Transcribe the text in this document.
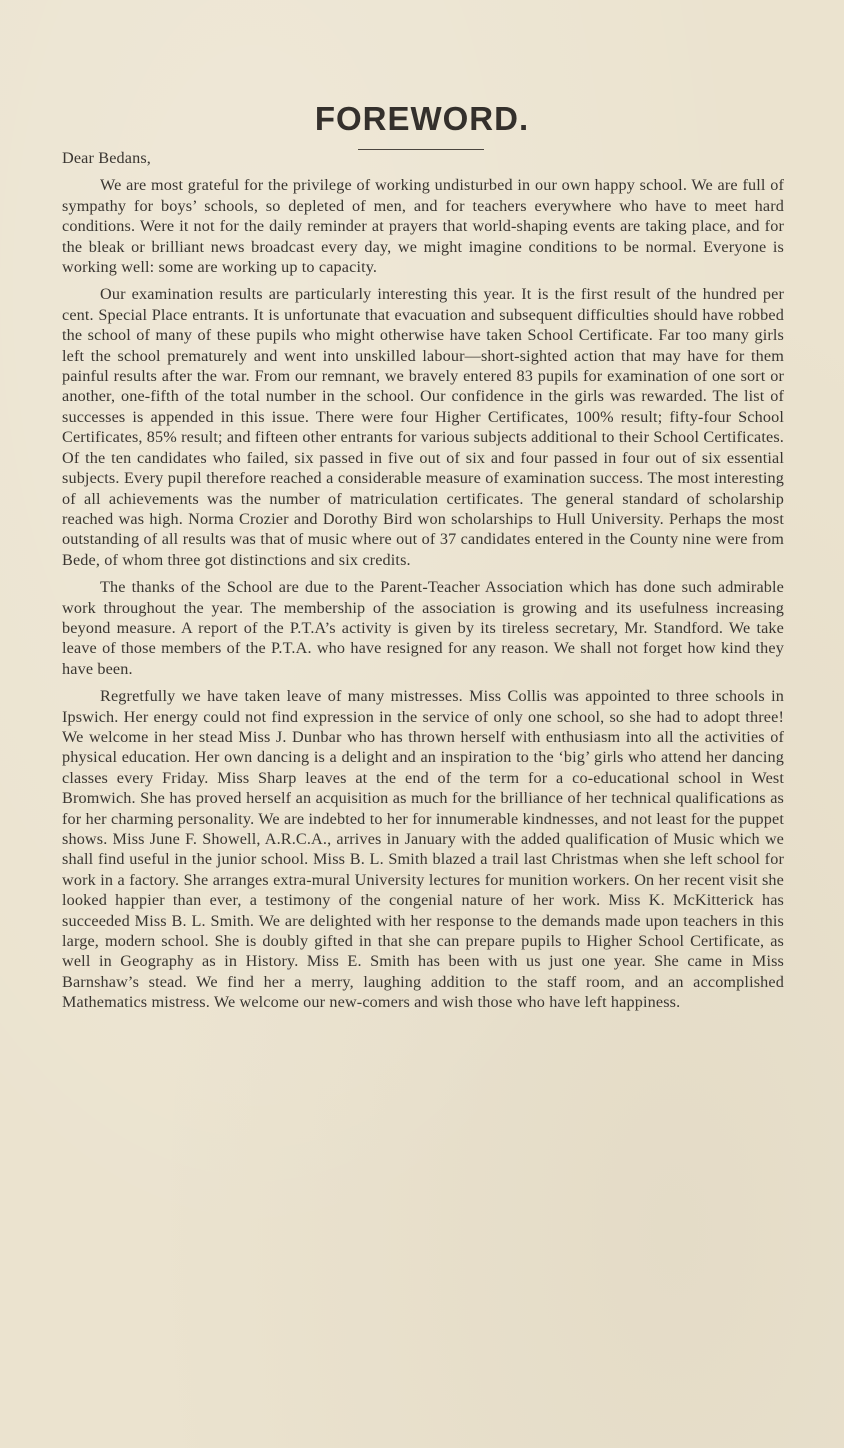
FOREWORD.

Dear Bedans,

We are most grateful for the privilege of working undisturbed in our own happy school. We are full of sympathy for boys’ schools, so depleted of men, and for teachers everywhere who have to meet hard conditions. Were it not for the daily reminder at prayers that world-shaping events are taking place, and for the bleak or brilliant news broadcast every day, we might imagine conditions to be normal. Everyone is working well: some are working up to capacity.

Our examination results are particularly interesting this year. It is the first result of the hundred per cent. Special Place entrants. It is unfortunate that evacuation and subsequent difficulties should have robbed the school of many of these pupils who might otherwise have taken School Certificate. Far too many girls left the school prematurely and went into unskilled labour—short-sighted action that may have for them painful results after the war. From our remnant, we bravely entered 83 pupils for examination of one sort or another, one-fifth of the total number in the school. Our confidence in the girls was rewarded. The list of successes is appended in this issue. There were four Higher Certificates, 100% result; fifty-four School Certificates, 85% result; and fifteen other entrants for various subjects additional to their School Certificates. Of the ten candidates who failed, six passed in five out of six and four passed in four out of six essential subjects. Every pupil therefore reached a considerable measure of examination success. The most interesting of all achievements was the number of matriculation certificates. The general standard of scholarship reached was high. Norma Crozier and Dorothy Bird won scholarships to Hull University. Perhaps the most outstanding of all results was that of music where out of 37 candidates entered in the County nine were from Bede, of whom three got distinctions and six credits.

The thanks of the School are due to the Parent-Teacher Association which has done such admirable work throughout the year. The membership of the association is growing and its usefulness increasing beyond measure. A report of the P.T.A’s activity is given by its tireless secretary, Mr. Standford. We take leave of those members of the P.T.A. who have resigned for any reason. We shall not forget how kind they have been.

Regretfully we have taken leave of many mistresses. Miss Collis was appointed to three schools in Ipswich. Her energy could not find expression in the service of only one school, so she had to adopt three! We welcome in her stead Miss J. Dunbar who has thrown herself with enthusiasm into all the activities of physical education. Her own dancing is a delight and an inspiration to the ‘big’ girls who attend her dancing classes every Friday. Miss Sharp leaves at the end of the term for a co-educational school in West Bromwich. She has proved herself an acquisition as much for the brilliance of her technical qualifications as for her charming personality. We are indebted to her for innumerable kindnesses, and not least for the puppet shows. Miss June F. Showell, A.R.C.A., arrives in January with the added qualification of Music which we shall find useful in the junior school. Miss B. L. Smith blazed a trail last Christmas when she left school for work in a factory. She arranges extra-mural University lectures for munition workers. On her recent visit she looked happier than ever, a testimony of the congenial nature of her work. Miss K. McKitterick has succeeded Miss B. L. Smith. We are delighted with her response to the demands made upon teachers in this large, modern school. She is doubly gifted in that she can prepare pupils to Higher School Certificate, as well in Geography as in History. Miss E. Smith has been with us just one year. She came in Miss Barnshaw’s stead. We find her a merry, laughing addition to the staff room, and an accomplished Mathematics mistress. We welcome our new-comers and wish those who have left happiness.
